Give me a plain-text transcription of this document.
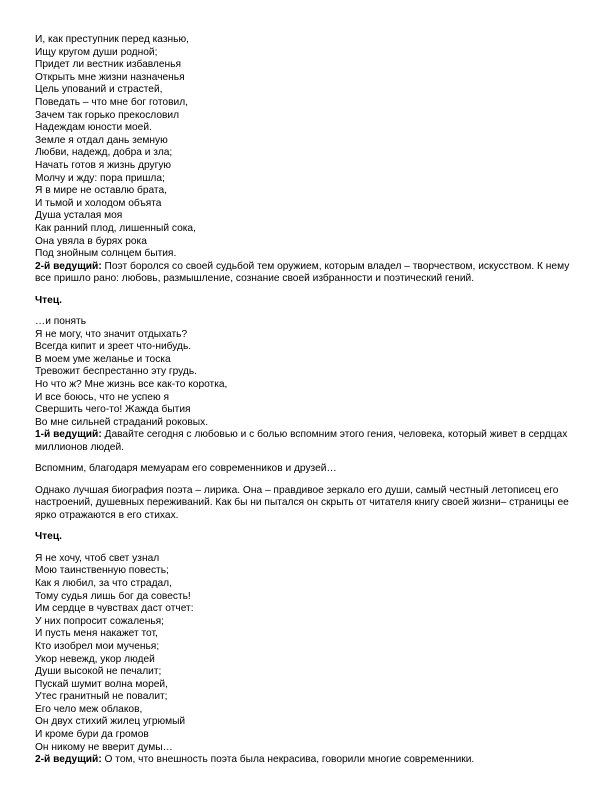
И, как преступник перед казнью,
Ищу кругом души родной;
Придет ли вестник избавленья
Открыть мне жизни назначенья
Цель упований и страстей,
Поведать – что мне бог готовил,
Зачем так горько прекословил
Надеждам юности моей.
Земле я отдал дань земную
Любви, надежд, добра и зла;
Начать готов я жизнь другую
Молчу и жду: пора пришла;
Я в мире не оставлю брата,
И тьмой и холодом объята
Душа усталая моя
Как ранний плод, лишенный сока,
Она увяла в бурях рока
Под знойным солнцем бытия.
2-й ведущий: Поэт боролся со своей судьбой тем оружием, которым владел – творчеством, искусством. К нему все пришло рано: любовь, размышление, сознание своей избранности и поэтический гений.
Чтец.
…и понять
Я не могу, что значит отдыхать?
Всегда кипит и зреет что-нибудь.
В моем уме желанье и тоска
Тревожит беспрестанно эту грудь.
Но что ж? Мне жизнь все как-то коротка,
И все боюсь, что не успею я
Свершить чего-то! Жажда бытия
Во мне сильней страданий роковых.
1-й ведущий: Давайте сегодня с любовью и с болью вспомним этого гения, человека, который живет в сердцах миллионов людей.
Вспомним, благодаря мемуарам его современников и друзей…
Однако лучшая биография поэта – лирика. Она – правдивое зеркало его души, самый честный летописец его настроений, душевных переживаний. Как бы ни пытался он скрыть от читателя книгу своей жизни– страницы ее ярко отражаются в его стихах.
Чтец.
Я не хочу, чтоб свет узнал
Мою таинственную повесть;
Как я любил, за что страдал,
Тому судья лишь бог да совесть!
Им сердце в чувствах даст отчет:
У них попросит сожаленья;
И пусть меня накажет тот,
Кто изобрел мои мученья;
Укор невежд, укор людей
Души высокой не печалит;
Пускай шумит волна морей,
Утес гранитный не повалит;
Его чело меж облаков,
Он двух стихий жилец угрюмый
И кроме бури да громов
Он никому не вверит думы…
2-й ведущий: О том, что внешность поэта была некрасива, говорили многие современники.
